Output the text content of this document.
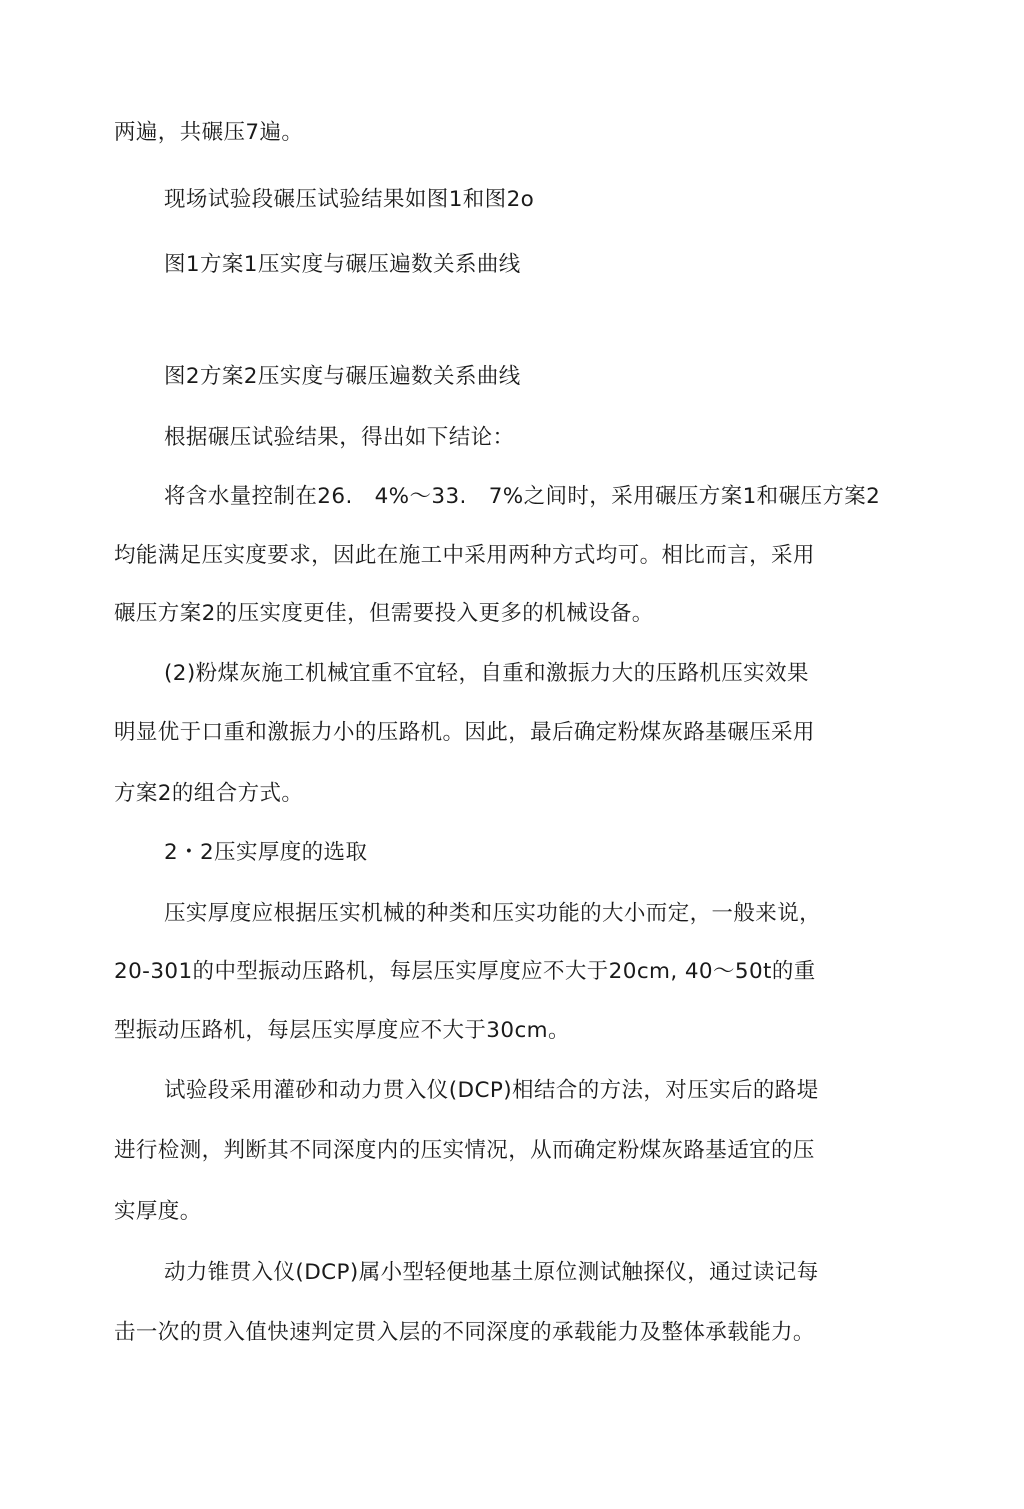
两遍，共碾压7遍。
现场试验段碾压试验结果如图1和图2o
图1方案1压实度与碾压遍数关系曲线
图2方案2压实度与碾压遍数关系曲线
根据碾压试验结果，得出如下结论：
将含水量控制在26.　4%～33.　7%之间时，采用碾压方案1和碾压方案2
均能满足压实度要求，因此在施工中采用两种方式均可。相比而言，采用
碾压方案2的压实度更佳，但需要投入更多的机械设备。
(2)粉煤灰施工机械宜重不宜轻，自重和激振力大的压路机压实效果
明显优于口重和激振力小的压路机。因此，最后确定粉煤灰路基碾压采用
方案2的组合方式。
2・2压实厚度的选取
压实厚度应根据压实机械的种类和压实功能的大小而定，一般来说，
20-301的中型振动压路机，每层压实厚度应不大于20cm, 40～50t的重
型振动压路机，每层压实厚度应不大于30cm。
试验段采用灌砂和动力贯入仪(DCP)相结合的方法，对压实后的路堤
进行检测，判断其不同深度内的压实情况，从而确定粉煤灰路基适宜的压
实厚度。
动力锥贯入仪(DCP)属小型轻便地基土原位测试触探仪，通过读记每
击一次的贯入值快速判定贯入层的不同深度的承载能力及整体承载能力。
